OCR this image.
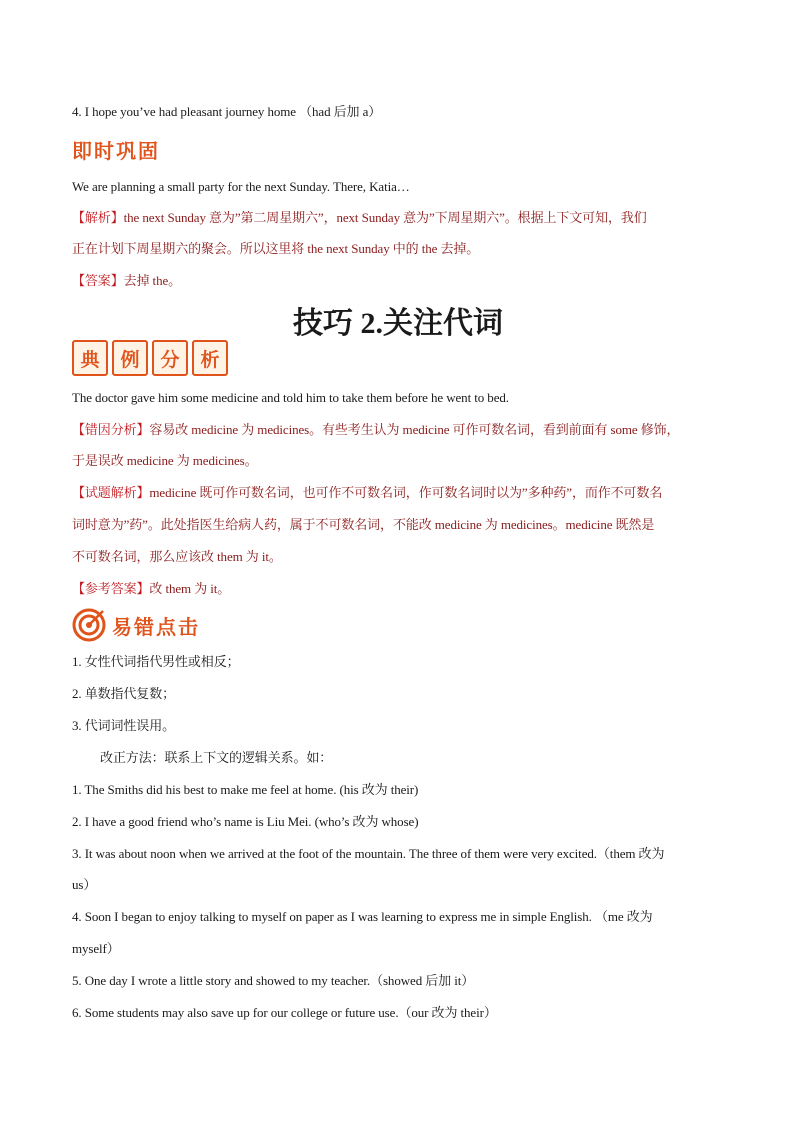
4. I hope you’ve had pleasant journey home （had 后加 a）
即时巩固
We are planning a small party for the next Sunday. There, Katia…
【解析】the next Sunday 意为”第二周星期六”，next Sunday 意为”下周星期六”。根据上下文可知，我们
正在计划下周星期六的聚会。所以这里将 the next Sunday 中的 the 去掉。
【答案】去掉 the。
技巧 2.关注代词
典	例	分	析
The doctor gave him some medicine and told him to take them before he went to bed.
【错因分析】容易改 medicine 为 medicines。有些考生认为 medicine 可作可数名词，看到前面有 some 修饰，
于是误改 medicine 为 medicines。
【试题解析】medicine 既可作可数名词，也可作不可数名词，作可数名词时以为”多种药”，而作不可数名
词时意为”药”。此处指医生给病人药，属于不可数名词，不能改 medicine 为 medicines。medicine 既然是
不可数名词，那么应该改 them 为 it。
【参考答案】改 them 为 it。
易错点击
1. 女性代词指代男性或相反；
2. 单数指代复数；
3. 代词词性误用。
改正方法：联系上下文的逻辑关系。如：
1. The Smiths did his best to make me feel at home. (his 改为 their)
2. I have a good friend who’s name is Liu Mei. (who’s 改为 whose)
3. It was about noon when we arrived at the foot of the mountain. The three of them were very excited.（them 改为
us）
4. Soon I began to enjoy talking to myself on paper as I was learning to express me in simple English. （me 改为
myself）
5. One day I wrote a little story and showed to my teacher.（showed 后加 it）
6. Some students may also save up for our college or future use.（our 改为 their）
